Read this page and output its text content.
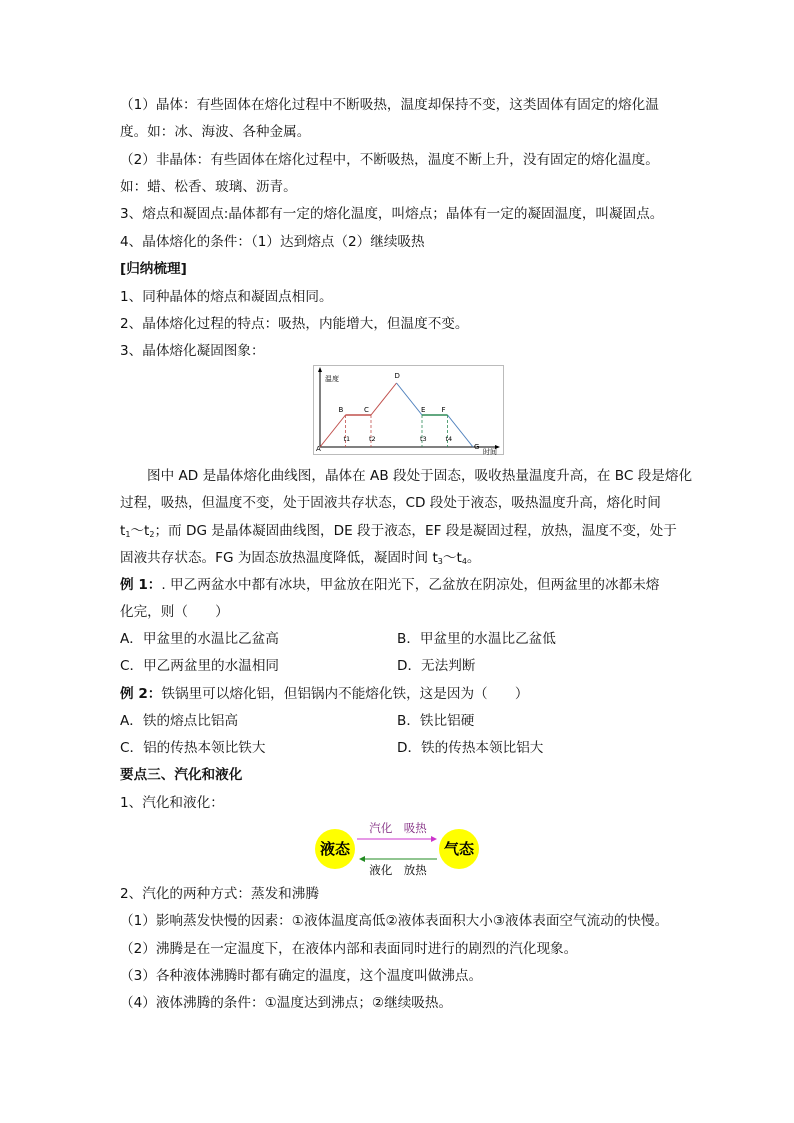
（1）晶体：有些固体在熔化过程中不断吸热，温度却保持不变，这类固体有固定的熔化温
度。如：冰、海波、各种金属。
（2）非晶体：有些固体在熔化过程中，不断吸热，温度不断上升，没有固定的熔化温度。
如：蜡、松香、玻璃、沥青。
3、熔点和凝固点:晶体都有一定的熔化温度，叫熔点；晶体有一定的凝固温度，叫凝固点。
4、晶体熔化的条件：（1）达到熔点（2）继续吸热
[归纳梳理]
1、同种晶体的熔点和凝固点相同。
2、晶体熔化过程的特点：吸热，内能增大，但温度不变。
3、晶体熔化凝固图象：
温度
时间
t1	t2	t3	t4
A
B	C
D
E F
G
图中 AD 是晶体熔化曲线图，晶体在 AB 段处于固态，吸收热量温度升高，在 BC 段是熔化
过程，吸热，但温度不变，处于固液共存状态，CD 段处于液态，吸热温度升高，熔化时间
$t_1\sim t_2$；而 DG 是晶体凝固曲线图，DE 段于液态，EF 段是凝固过程，放热，温度不变，处于
固液共存状态。FG 为固态放热温度降低，凝固时间 $t_3\sim t_4$。
例 1：. 甲乙两盆水中都有冰块，甲盆放在阳光下，乙盆放在阴凉处，但两盆里的冰都未熔
化完，则（　　）
A．甲盆里的水温比乙盆高	B．甲盆里的水温比乙盆低
C．甲乙两盆里的水温相同	D．无法判断
例 2：铁锅里可以熔化铝，但铝锅内不能熔化铁，这是因为（　　）
A．铁的熔点比铝高	B．铁比铝硬
C．铝的传热本领比铁大	D．铁的传热本领比铝大
要点三、汽化和液化
1、汽化和液化：
液态	气态
汽化　吸热
液化　放热
2、汽化的两种方式：蒸发和沸腾
（1）影响蒸发快慢的因素：①液体温度高低②液体表面积大小③液体表面空气流动的快慢。
（2）沸腾是在一定温度下，在液体内部和表面同时进行的剧烈的汽化现象。
（3）各种液体沸腾时都有确定的温度，这个温度叫做沸点。
（4）液体沸腾的条件：①温度达到沸点；②继续吸热。
